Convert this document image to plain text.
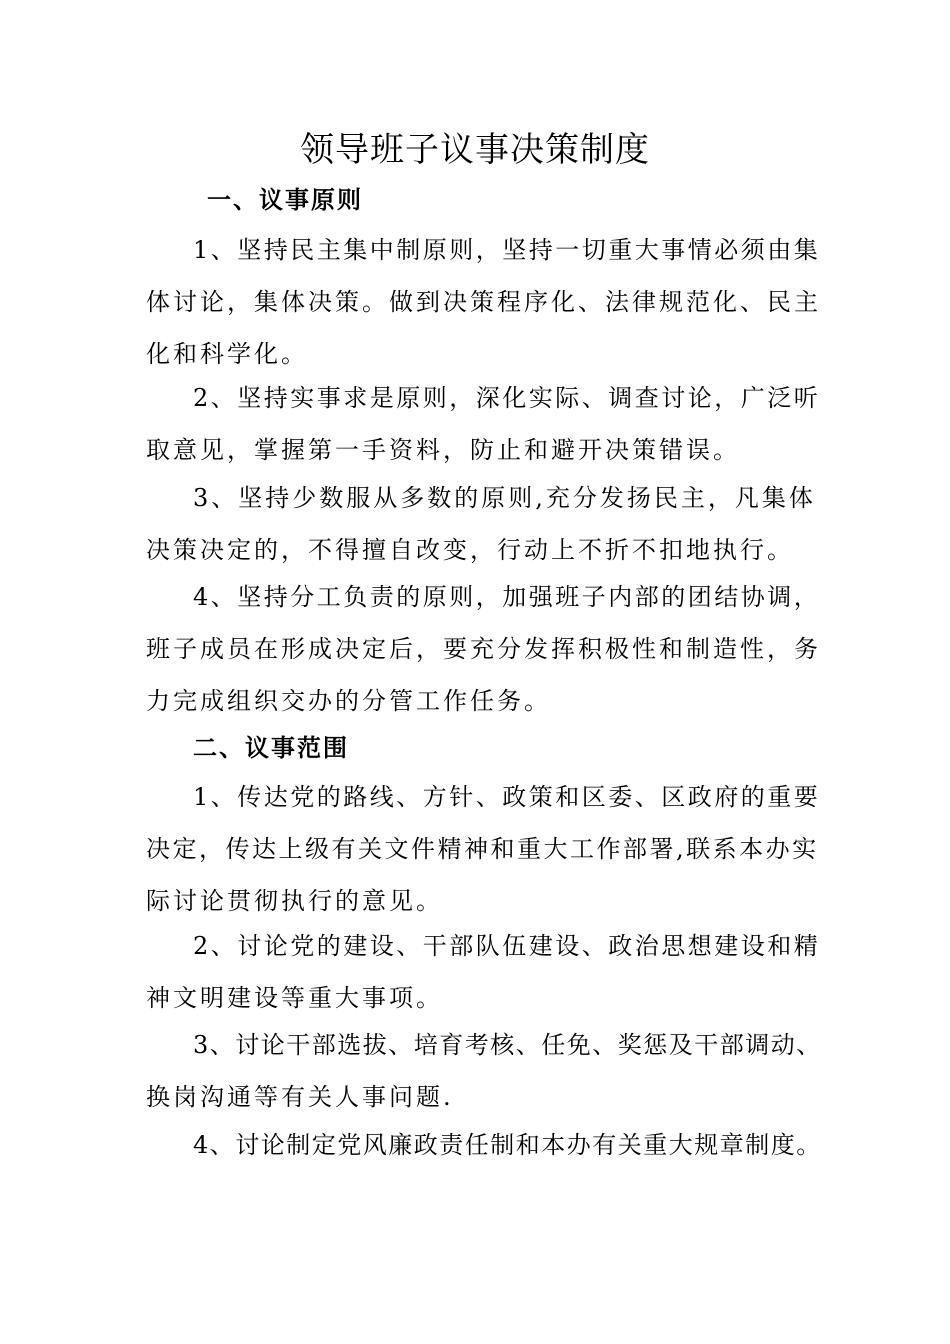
领导班子议事决策制度
一、议事原则
1、坚持民主集中制原则，坚持一切重大事情必须由集
体讨论，集体决策。做到决策程序化、法律规范化、民主
化和科学化。
2、坚持实事求是原则，深化实际、调查讨论，广泛听
取意见，掌握第一手资料，防止和避开决策错误。
3、坚持少数服从多数的原则,充分发扬民主，凡集体
决策决定的，不得擅自改变，行动上不折不扣地执行。
4、坚持分工负责的原则，加强班子内部的团结协调，
班子成员在形成决定后，要充分发挥积极性和制造性，务
力完成组织交办的分管工作任务。
二、议事范围
1、传达党的路线、方针、政策和区委、区政府的重要
决定，传达上级有关文件精神和重大工作部署,联系本办实
际讨论贯彻执行的意见。
2、讨论党的建设、干部队伍建设、政治思想建设和精
神文明建设等重大事项。
3、讨论干部选拔、培育考核、任免、奖惩及干部调动、
换岗沟通等有关人事问题.
4、讨论制定党风廉政责任制和本办有关重大规章制度。
